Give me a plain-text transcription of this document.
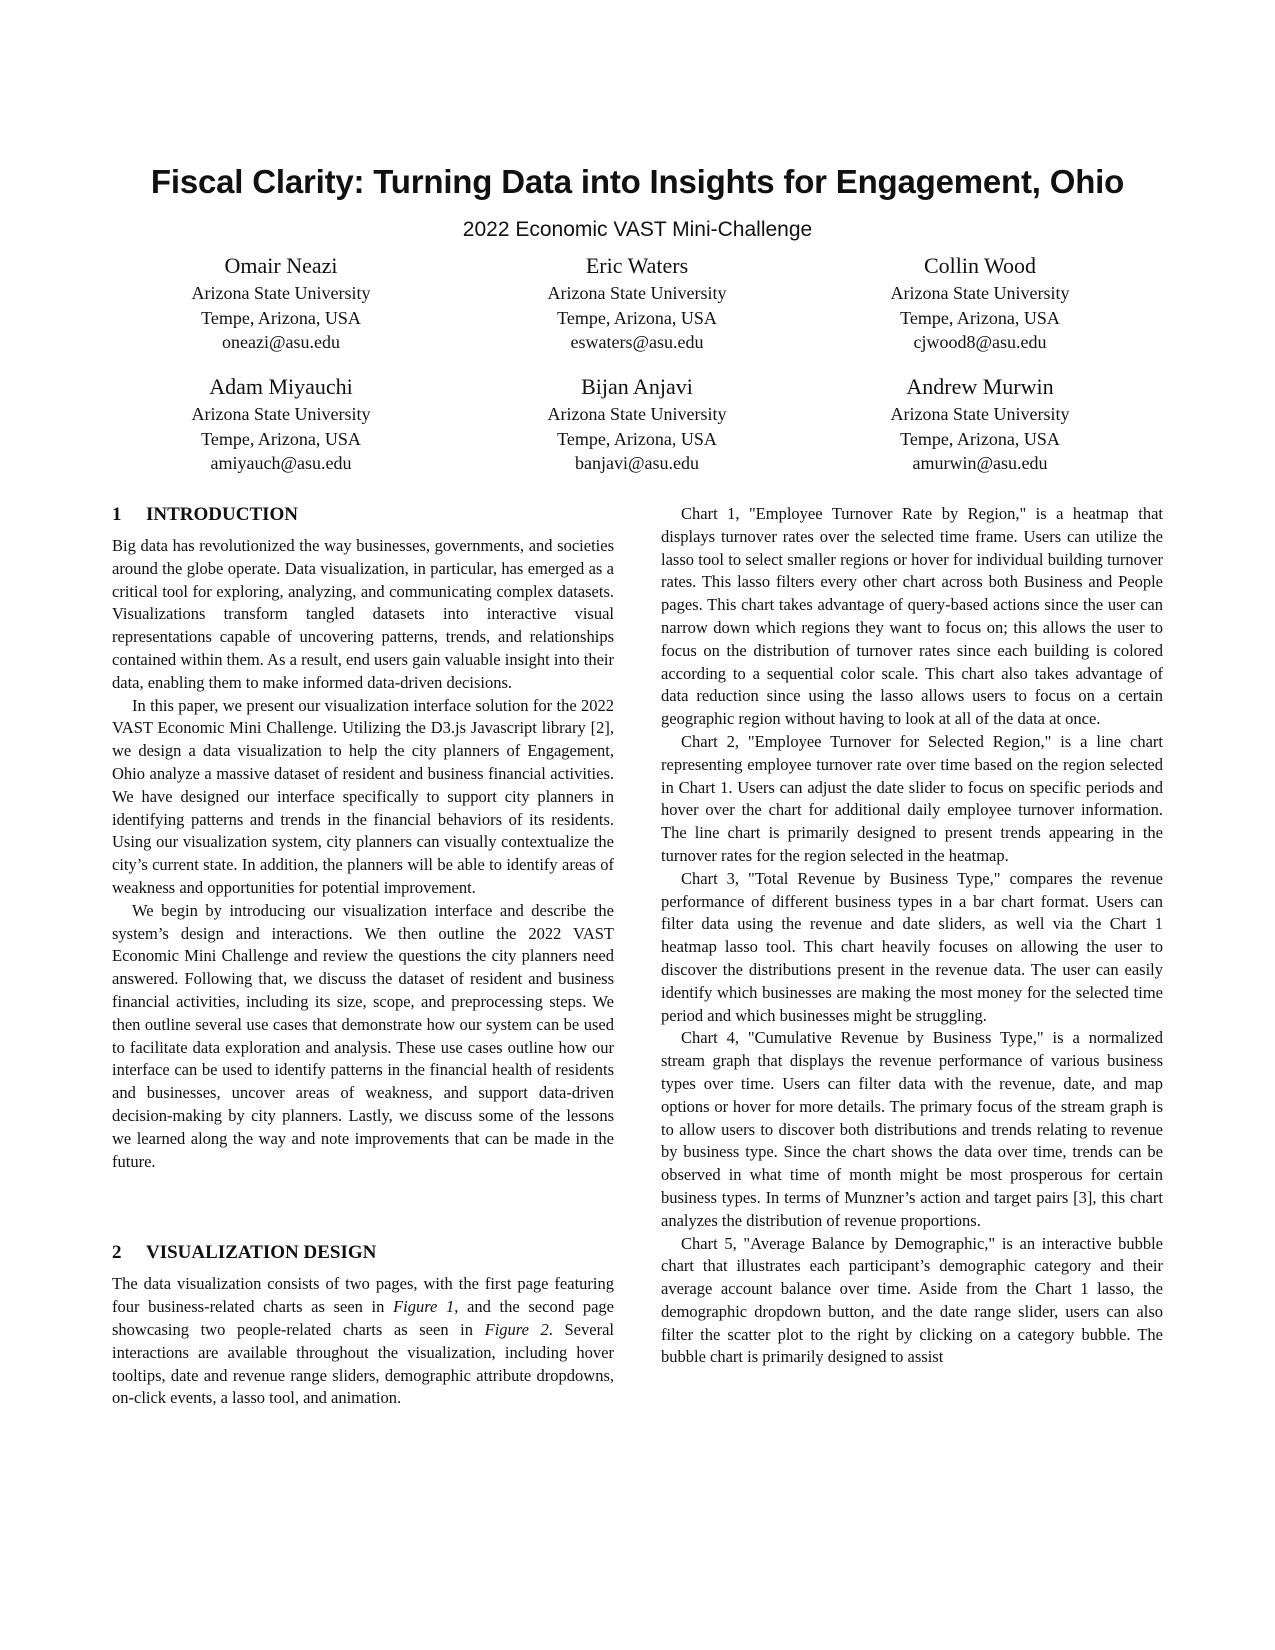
Fiscal Clarity: Turning Data into Insights for Engagement, Ohio
2022 Economic VAST Mini-Challenge
Omair Neazi
Arizona State University
Tempe, Arizona, USA
oneazi@asu.edu
Eric Waters
Arizona State University
Tempe, Arizona, USA
eswaters@asu.edu
Collin Wood
Arizona State University
Tempe, Arizona, USA
cjwood8@asu.edu
Adam Miyauchi
Arizona State University
Tempe, Arizona, USA
amiyauch@asu.edu
Bijan Anjavi
Arizona State University
Tempe, Arizona, USA
banjavi@asu.edu
Andrew Murwin
Arizona State University
Tempe, Arizona, USA
amurwin@asu.edu
1 INTRODUCTION

Big data has revolutionized the way businesses, governments, and societies around the globe operate. Data visualization, in particular, has emerged as a critical tool for exploring, analyzing, and communicating complex datasets. Visualizations transform tangled datasets into interactive visual representations capable of uncovering patterns, trends, and relationships contained within them. As a result, end users gain valuable insight into their data, enabling them to make informed data-driven decisions.

In this paper, we present our visualization interface solution for the 2022 VAST Economic Mini Challenge. Utilizing the D3.js Javascript library [2], we design a data visualization to help the city planners of Engagement, Ohio analyze a massive dataset of resident and business financial activities. We have designed our interface specifically to support city planners in identifying patterns and trends in the financial behaviors of its residents. Using our visualization system, city planners can visually contextualize the city’s current state. In addition, the planners will be able to identify areas of weakness and opportunities for potential improvement.

We begin by introducing our visualization interface and describe the system’s design and interactions. We then outline the 2022 VAST Economic Mini Challenge and review the questions the city planners need answered. Following that, we discuss the dataset of resident and business financial activities, including its size, scope, and preprocessing steps. We then outline several use cases that demonstrate how our system can be used to facilitate data exploration and analysis. These use cases outline how our interface can be used to identify patterns in the financial health of residents and businesses, uncover areas of weakness, and support data-driven decision-making by city planners. Lastly, we discuss some of the lessons we learned along the way and note improvements that can be made in the future.

2 VISUALIZATION DESIGN

The data visualization consists of two pages, with the first page featuring four business-related charts as seen in Figure 1, and the second page showcasing two people-related charts as seen in Figure 2. Several interactions are available throughout the visualization, including hover tooltips, date and revenue range sliders, demographic attribute dropdowns, on-click events, a lasso tool, and animation.

Chart 1, "Employee Turnover Rate by Region," is a heatmap that displays turnover rates over the selected time frame. Users can utilize the lasso tool to select smaller regions or hover for individual building turnover rates. This lasso filters every other chart across both Business and People pages. This chart takes advantage of query-based actions since the user can narrow down which regions they want to focus on; this allows the user to focus on the distribution of turnover rates since each building is colored according to a sequential color scale. This chart also takes advantage of data reduction since using the lasso allows users to focus on a certain geographic region without having to look at all of the data at once.

Chart 2, "Employee Turnover for Selected Region," is a line chart representing employee turnover rate over time based on the region selected in Chart 1. Users can adjust the date slider to focus on specific periods and hover over the chart for additional daily employee turnover information. The line chart is primarily designed to present trends appearing in the turnover rates for the region selected in the heatmap.

Chart 3, "Total Revenue by Business Type," compares the revenue performance of different business types in a bar chart format. Users can filter data using the revenue and date sliders, as well via the Chart 1 heatmap lasso tool. This chart heavily focuses on allowing the user to discover the distributions present in the revenue data. The user can easily identify which businesses are making the most money for the selected time period and which businesses might be struggling.

Chart 4, "Cumulative Revenue by Business Type," is a normalized stream graph that displays the revenue performance of various business types over time. Users can filter data with the revenue, date, and map options or hover for more details. The primary focus of the stream graph is to allow users to discover both distributions and trends relating to revenue by business type. Since the chart shows the data over time, trends can be observed in what time of month might be most prosperous for certain business types. In terms of Munzner’s action and target pairs [3], this chart analyzes the distribution of revenue proportions.

Chart 5, "Average Balance by Demographic," is an interactive bubble chart that illustrates each participant’s demographic category and their average account balance over time. Aside from the Chart 1 lasso, the demographic dropdown button, and the date range slider, users can also filter the scatter plot to the right by clicking on a category bubble. The bubble chart is primarily designed to assist
